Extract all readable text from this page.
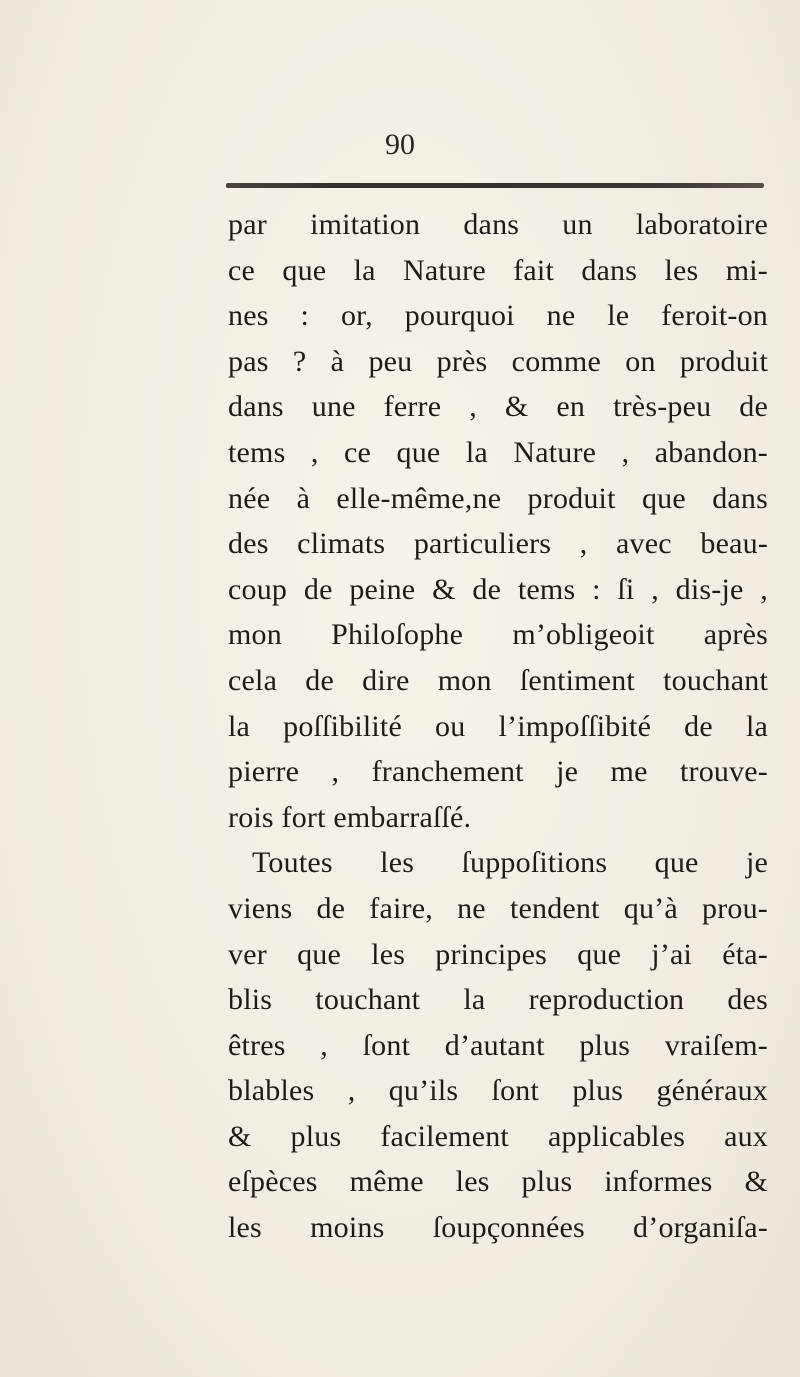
90
par imitation dans un laboratoire
ce que la Nature fait dans les mi-
nes : or, pourquoi ne le feroit-on
pas ? à peu près comme on produit
dans une ferre , & en très-peu de
tems , ce que la Nature , abandon-
née à elle-même,ne produit que dans
des climats particuliers , avec beau-
coup de peine & de tems : ſi , dis-je ,
mon Philoſophe m’obligeoit après
cela de dire mon ſentiment touchant
la poſſibilité ou l’impoſſibité de la
pierre , franchement je me trouve-
rois fort embarraſſé.
Toutes les ſuppoſitions que je
viens de faire, ne tendent qu’à prou-
ver que les principes que j’ai éta-
blis touchant la reproduction des
êtres , ſont d’autant plus vraiſem-
blables , qu’ils ſont plus généraux
& plus facilement applicables aux
eſpèces même les plus informes &
les moins ſoupçonnées d’organiſa-
